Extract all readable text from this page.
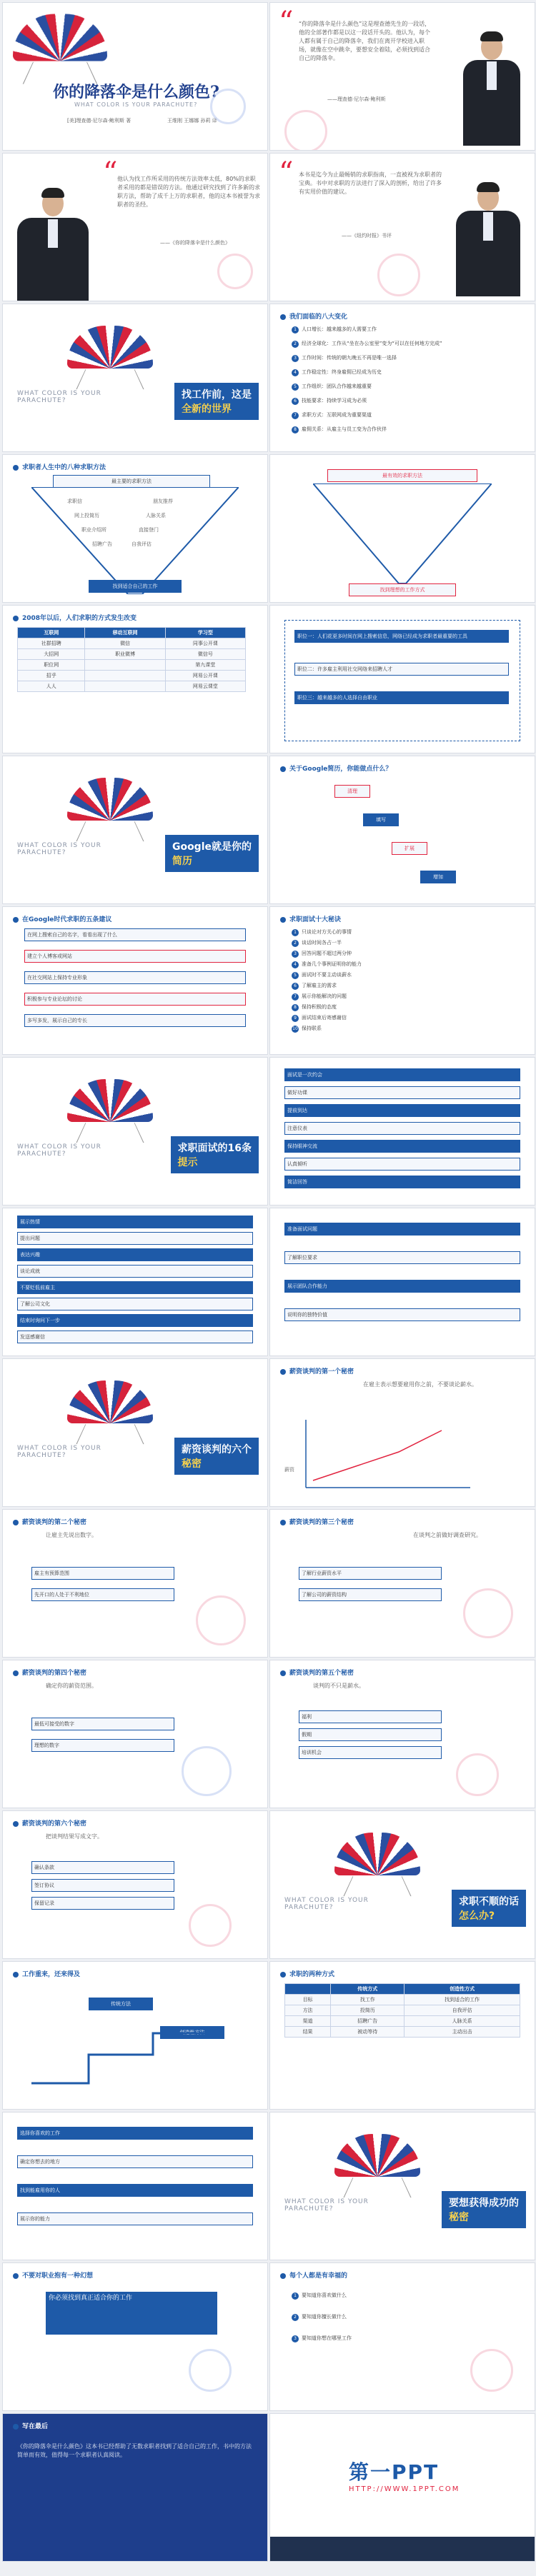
你的降落伞是什么颜色?
WHAT COLOR IS YOUR PARACHUTE?
[美]理查德·尼尔森·鲍利斯 著	王维刚 王娜娜 孙莉 译
“ “你的降落伞是什么颜色”这是理查德先生的一段话，他的全部著作都是以这一段话开头的。他认为，每个人都有属于自己的降落伞，我们在离开学校进入职场，就像在空中跳伞，要想安全着陆，必须找到适合自己的降落伞。
——理查德·尼尔森·鲍利斯
“ 他认为找工作所采用的传统方法效率太低，80%的求职者采用的都是错误的方法。他通过研究找到了许多新的求职方法，帮助了成千上万的求职者，他的这本书被誉为求职者的圣经。
——《你的降落伞是什么颜色》
“ 本书是迄今为止最畅销的求职指南，一直被视为求职者的宝典。书中对求职的方法进行了深入的剖析，给出了许多有实用价值的建议。
——《纽约时报》书评
WHAT COLOR IS YOUR PARACHUTE?	找工作前，这是
全新的世界
我们面临的八大变化
1 人口增长：越来越多的人需要工作
2 经济全球化：工作从“坐在办公室里”变为“可以在任何地方完成”
3 工作时间：传统的朝九晚五不再是唯一选择
4 工作稳定性：终身雇佣已经成为历史
5 工作组织：团队合作越来越重要
6 技能要求：持续学习成为必须
7 求职方式：互联网成为重要渠道
8 雇佣关系：从雇主与员工变为合作伙伴
求职者人生中的八种求职方法
最主要的求职方法
求职信
网上投简历
职业介绍所
招聘广告
朋友推荐
人脉关系
直接登门
自我评估
找到适合自己的工作
最有效的求职方法
找到理想的工作方式
2008年以后，人们求职的方式发生改变
互联网	移动互联网	学习型
社群招聘	微信	同事公开课
大招网	职业微博	微信号
职位网		第九课堂
招乎		网易公开课
人人		网易云课堂
职位一：人们花更多时间在网上搜索信息，网络已经成为求职者最重要的工具
职位二：许多雇主利用社交网络来招聘人才
职位三：越来越多的人选择自由职业
WHAT COLOR IS YOUR PARACHUTE?	Google就是你的
简历
关于Google简历，你能做点什么？
清理
填写
扩展
增加
在Google时代求职的五条建议
在网上搜索自己的名字，看看出现了什么
建立个人博客或网站
在社交网站上保持专业形象
积极参与专业论坛的讨论
多写多发，展示自己的专长
求职面试十大秘诀
1 只谈论对方关心的事情
2 谈话时间各占一半
3 回答问题不超过两分钟
4 准备几个事例证明你的能力
5 面试时不要主动谈薪水
6 了解雇主的需求
7 展示你能解决的问题
8 保持积极的态度
9 面试结束后寄感谢信
10 保持联系
WHAT COLOR IS YOUR PARACHUTE?	求职面试的16条
提示
面试是一次约会
做好功课
提前到达
注意仪表
保持眼神交流
认真倾听
简洁回答
展示热情
提出问题
表达兴趣
谈论成就
不要贬低前雇主
了解公司文化
结束时询问下一步
发送感谢信
准备面试问题
了解职位要求
展示团队合作能力
说明你的独特价值
WHAT COLOR IS YOUR PARACHUTE?	薪资谈判的六个
秘密
薪资谈判的第一个秘密
在雇主表示想要雇用你之前，不要谈论薪水。
薪资
薪资谈判的第二个秘密
让雇主先说出数字。
雇主有预算范围
先开口的人处于不利地位
薪资谈判的第三个秘密
在谈判之前做好调查研究。
了解行业薪资水平
了解公司的薪资结构
薪资谈判的第四个秘密
确定你的薪资范围。
最低可接受的数字
理想的数字
薪资谈判的第五个秘密
谈判的不只是薪水。
福利
假期
培训机会
薪资谈判的第六个秘密
把谈判结果写成文字。
确认条款
签订协议
保留记录	WHAT COLOR IS YOUR PARACHUTE?	求职不顺的话
怎么办?
工作重来，还来得及
传统方法
创造性方法
求职的两种方式
	传统方式	创造性方式
目标	找工作	找到适合的工作
方法	投简历	自我评估
渠道	招聘广告	人脉关系
结果	被动等待	主动出击
选择你喜欢的工作
确定你想去的地方
找到能雇用你的人
展示你的能力
WHAT COLOR IS YOUR PARACHUTE?	要想获得成功的
秘密
不要对职业抱有一种幻想
你必须找到真正适合你的工作
每个人都是有幸福的
1 要知道你喜欢做什么
2 要知道你擅长做什么
3 要知道你想在哪里工作
写在最后
《你的降落伞是什么颜色》这本书已经帮助了无数求职者找到了适合自己的工作，书中的方法简单而有效，值得每一个求职者认真阅读。
第一PPT
HTTP://WWW.1PPT.COM
